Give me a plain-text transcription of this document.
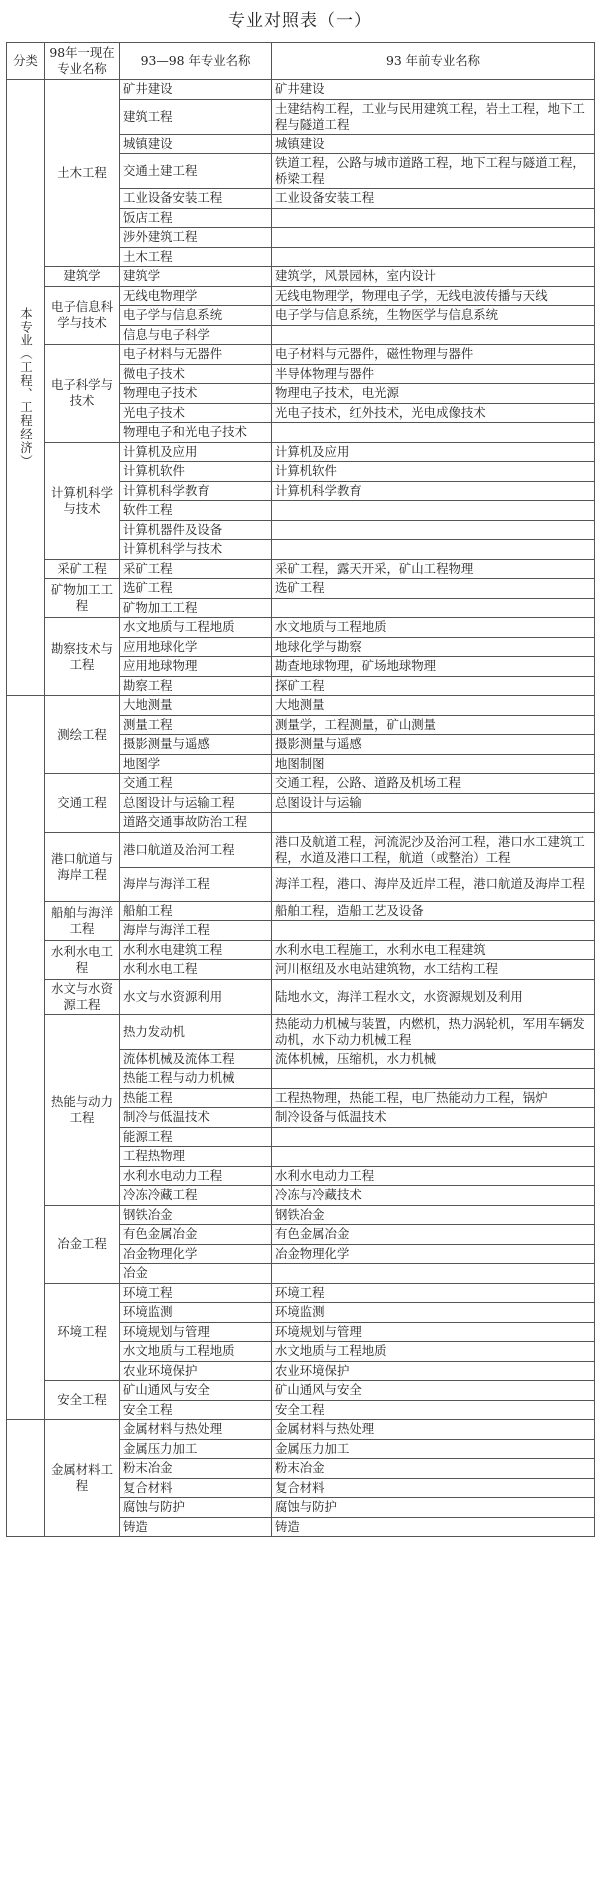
专业对照表（一）
分类	98年一现在专业名称	93—98 年专业名称	93 年前专业名称
本专业（工程、工程经济）	土木工程	矿井建设	矿井建设
		建筑工程	土建结构工程，工业与民用建筑工程，岩土工程，地下工程与隧道工程
		城镇建设	城镇建设
		交通土建工程	铁道工程，公路与城市道路工程，地下工程与隧道工程，桥梁工程
		工业设备安装工程	工业设备安装工程
		饭店工程	
		涉外建筑工程	
		土木工程	
	建筑学	建筑学	建筑学，风景园林，室内设计
	电子信息科学与技术	无线电物理学	无线电物理学，物理电子学，无线电波传播与天线
		电子学与信息系统	电子学与信息系统，生物医学与信息系统
		信息与电子科学	
	电子科学与技术	电子材料与无器件	电子材料与元器件，磁性物理与器件
		微电子技术	半导体物理与器件
		物理电子技术	物理电子技术，电光源
		光电子技术	光电子技术，红外技术，光电成像技术
		物理电子和光电子技术	
	计算机科学与技术	计算机及应用	计算机及应用
		计算机软件	计算机软件
		计算机科学教育	计算机科学教育
		软件工程	
		计算机器件及设备	
		计算机科学与技术	
	采矿工程	采矿工程	采矿工程，露天开采，矿山工程物理
	矿物加工工程	选矿工程	选矿工程
		矿物加工工程	
	勘察技术与工程	水文地质与工程地质	水文地质与工程地质
		应用地球化学	地球化学与勘察
		应用地球物理	勘查地球物理，矿场地球物理
		勘察工程	探矿工程
	测绘工程	大地测量	大地测量
		测量工程	测量学，工程测量，矿山测量
		摄影测量与遥感	摄影测量与遥感
		地图学	地图制图
	交通工程	交通工程	交通工程，公路、道路及机场工程
		总图设计与运输工程	总图设计与运输
		道路交通事故防治工程	
	港口航道与海岸工程	港口航道及治河工程	港口及航道工程，河流泥沙及治河工程，港口水工建筑工程，水道及港口工程，航道（或整治）工程
		海岸与海洋工程	海洋工程，港口、海岸及近岸工程，港口航道及海岸工程
	船舶与海洋工程	船舶工程	船舶工程，造船工艺及设备
		海岸与海洋工程	
	水利水电工程	水利水电建筑工程	水利水电工程施工，水利水电工程建筑
		水利水电工程	河川枢纽及水电站建筑物，水工结构工程
	水文与水资源工程	水文与水资源利用	陆地水文，海洋工程水文，水资源规划及利用
	热能与动力工程	热力发动机	热能动力机械与装置，内燃机，热力涡轮机，军用车辆发动机，水下动力机械工程
		流体机械及流体工程	流体机械，压缩机，水力机械
		热能工程与动力机械	
		热能工程	工程热物理，热能工程，电厂热能动力工程，锅炉
		制冷与低温技术	制冷设备与低温技术
		能源工程	
		工程热物理	
		水利水电动力工程	水利水电动力工程
		冷冻冷藏工程	冷冻与冷藏技术
	冶金工程	钢铁冶金	钢铁冶金
		有色金属冶金	有色金属冶金
		冶金物理化学	冶金物理化学
		冶金	
	环境工程	环境工程	环境工程
		环境监测	环境监测
		环境规划与管理	环境规划与管理
		水文地质与工程地质	水文地质与工程地质
		农业环境保护	农业环境保护
	安全工程	矿山通风与安全	矿山通风与安全
		安全工程	安全工程
	金属材料工程	金属材料与热处理	金属材料与热处理
		金属压力加工	金属压力加工
		粉末冶金	粉末冶金
		复合材料	复合材料
		腐蚀与防护	腐蚀与防护
		铸造	铸造
